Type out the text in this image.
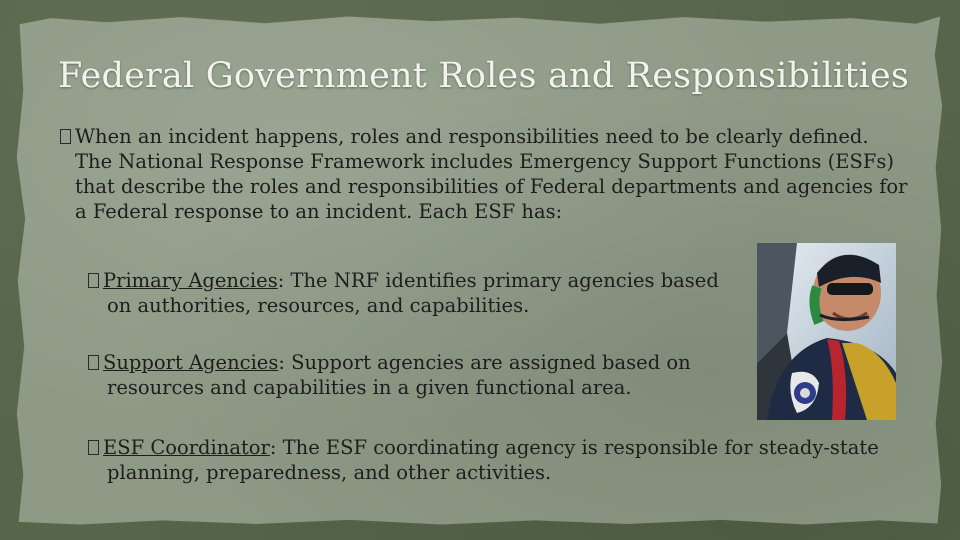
Federal Government Roles and Responsibilities

When an incident happens, roles and responsibilities need to be clearly defined. The National Response Framework includes Emergency Support Functions (ESFs) that describe the roles and responsibilities of Federal departments and agencies for a Federal response to an incident. Each ESF has:

Primary Agencies: The NRF identifies primary agencies based on authorities, resources, and capabilities.

Support Agencies: Support agencies are assigned based on resources and capabilities in a given functional area.

ESF Coordinator: The ESF coordinating agency is responsible for steady-state planning, preparedness, and other activities.
